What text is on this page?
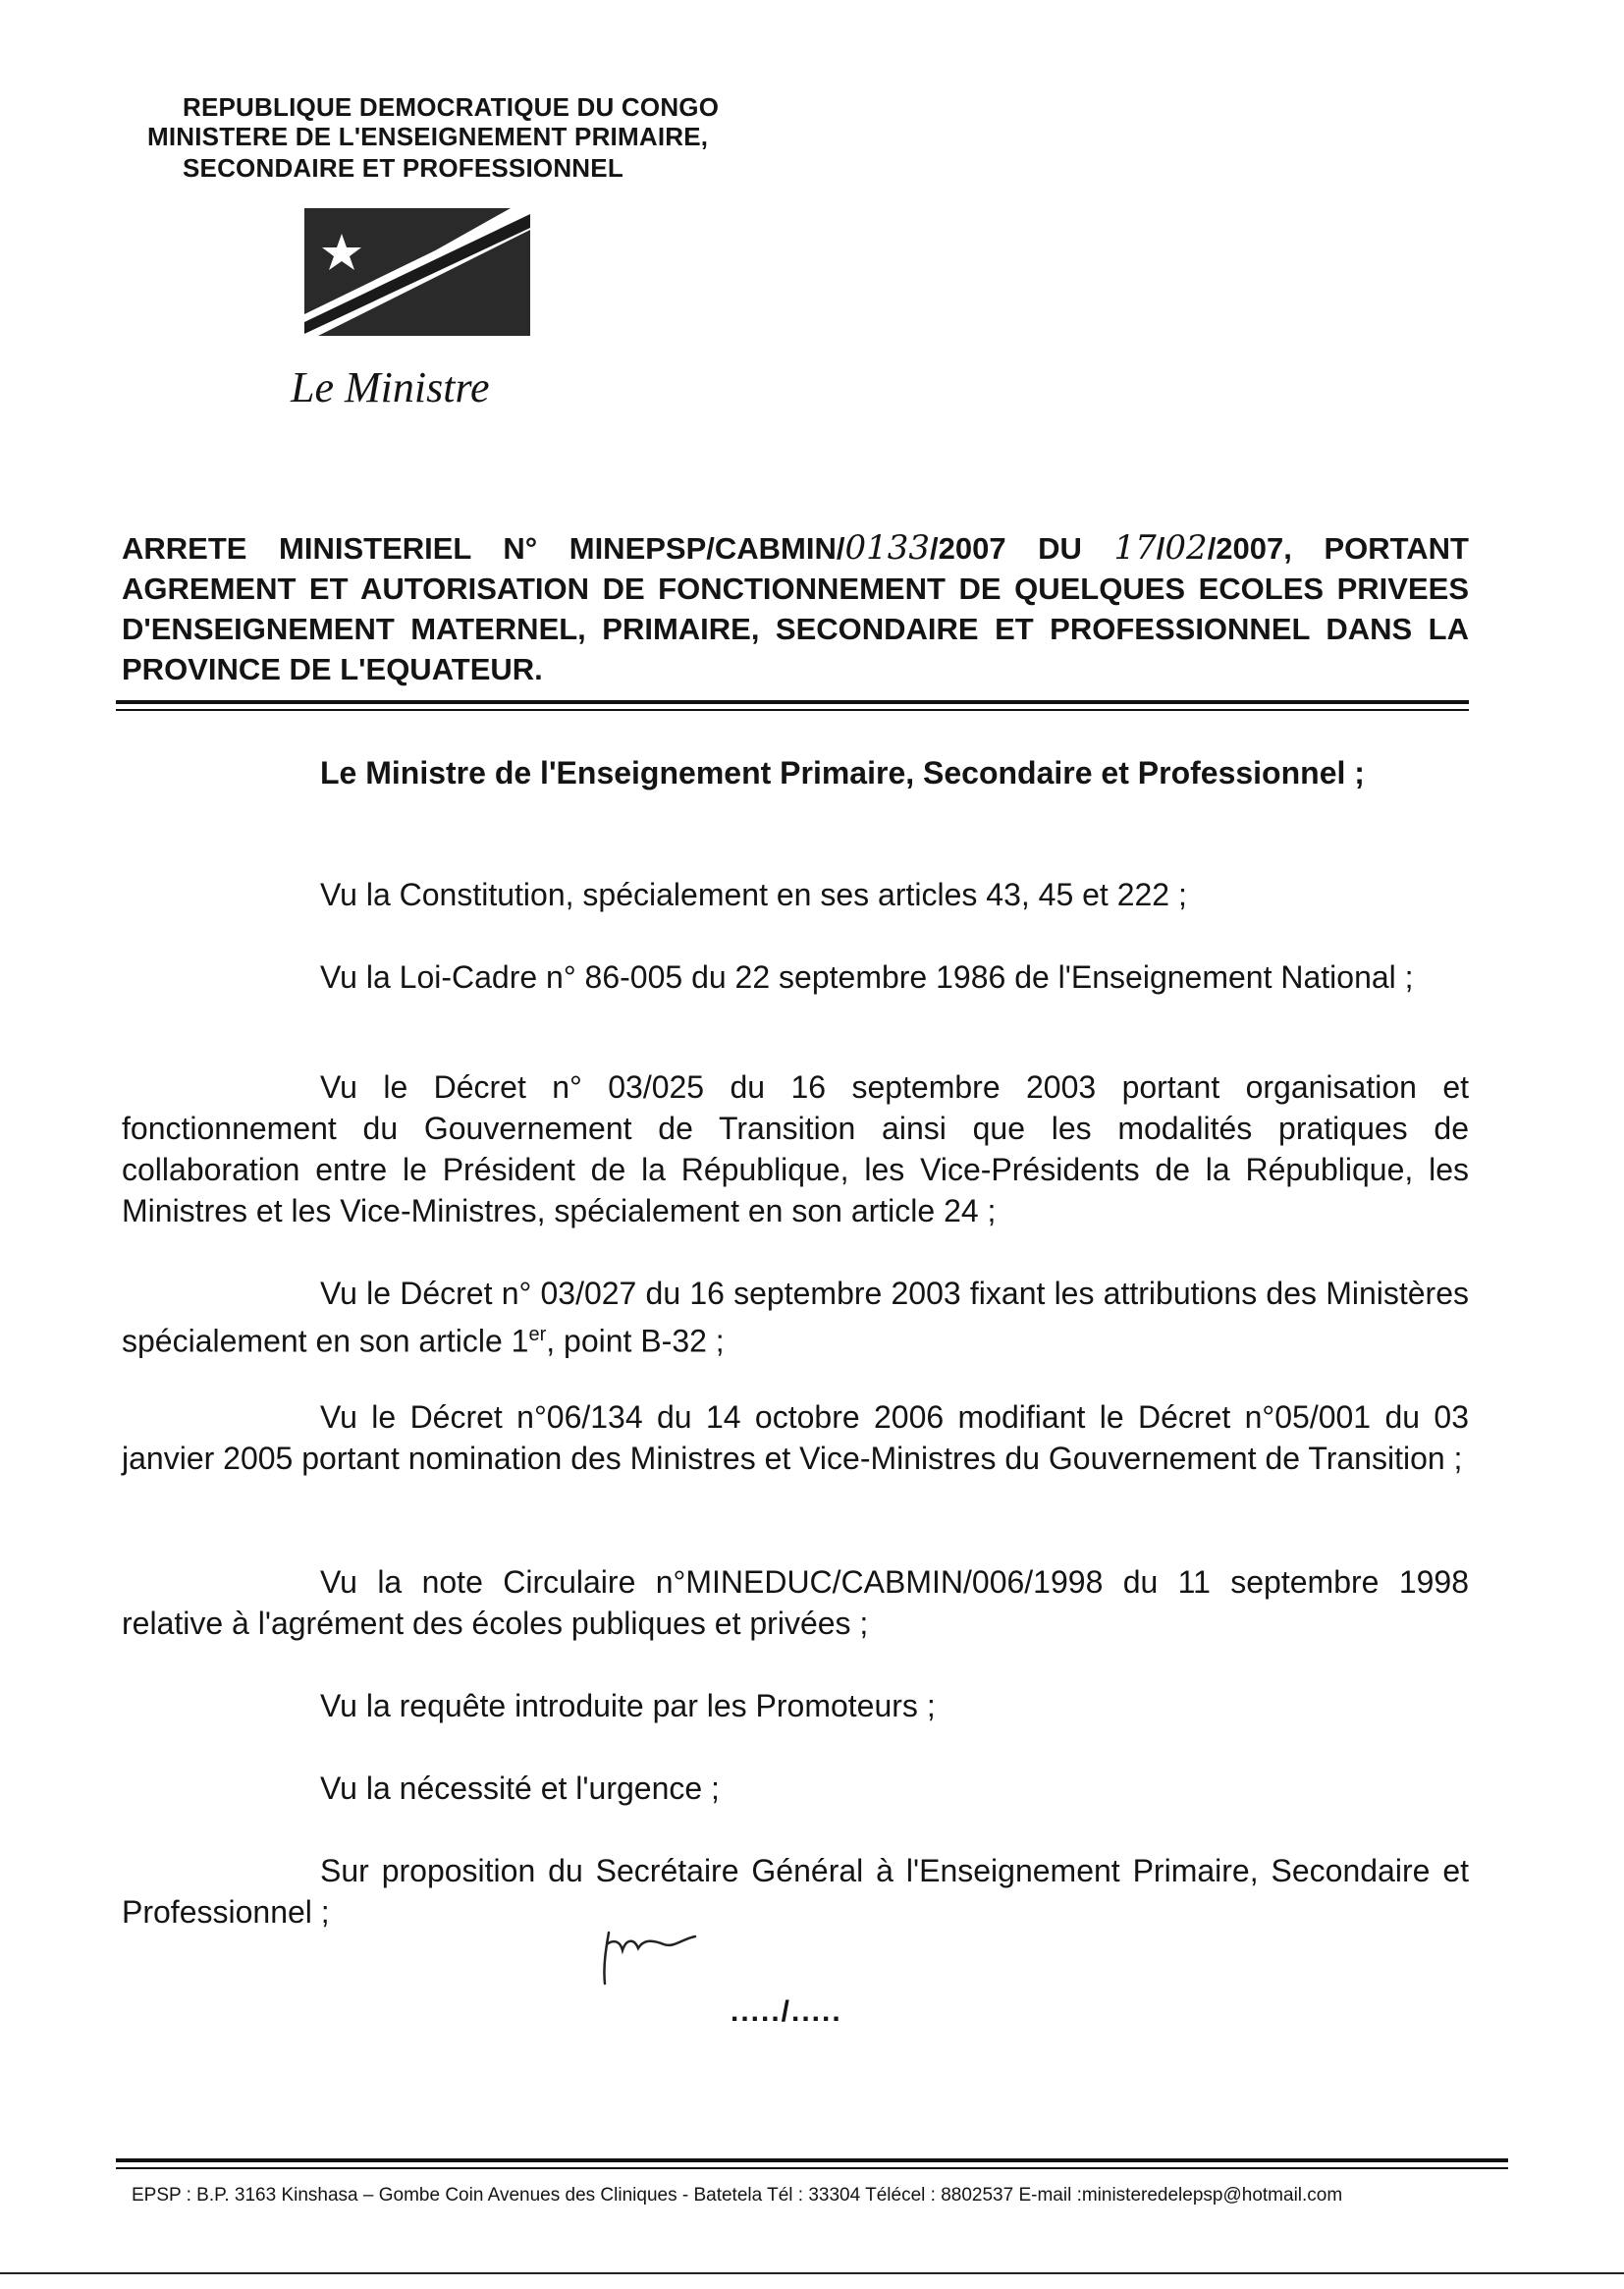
REPUBLIQUE DEMOCRATIQUE DU CONGO
MINISTERE DE L'ENSEIGNEMENT PRIMAIRE,
SECONDAIRE ET PROFESSIONNEL
Le Ministre
ARRETE MINISTERIEL N° MINEPSP/CABMIN/0133/2007 DU 17/02/2007, PORTANT AGREMENT ET AUTORISATION DE FONCTIONNEMENT DE QUELQUES ECOLES PRIVEES D'ENSEIGNEMENT MATERNEL, PRIMAIRE, SECONDAIRE ET PROFESSIONNEL DANS LA PROVINCE DE L'EQUATEUR.
Le Ministre de l'Enseignement Primaire, Secondaire et Professionnel ;
Vu la Constitution, spécialement en ses articles 43, 45 et 222 ;
Vu la Loi-Cadre n° 86-005 du 22 septembre 1986 de l'Enseignement National ;
Vu le Décret n° 03/025 du 16 septembre 2003 portant organisation et fonctionnement du Gouvernement de Transition ainsi que les modalités pratiques de collaboration entre le Président de la République, les Vice-Présidents de la République, les Ministres et les Vice-Ministres, spécialement en son article 24 ;
Vu le Décret n° 03/027 du 16 septembre 2003 fixant les attributions des Ministères spécialement en son article 1er, point B-32 ;
Vu le Décret n°06/134 du 14 octobre 2006 modifiant le Décret n°05/001 du 03 janvier 2005 portant nomination des Ministres et Vice-Ministres du Gouvernement de Transition ;
Vu la note Circulaire n°MINEDUC/CABMIN/006/1998 du 11 septembre 1998 relative à l'agrément des écoles publiques et privées ;
Vu la requête introduite par les Promoteurs ;
Vu la nécessité et l'urgence ;
Sur proposition du Secrétaire Général à l'Enseignement Primaire, Secondaire et Professionnel ;
...../.....
EPSP : B.P. 3163 Kinshasa – Gombe Coin Avenues des Cliniques - Batetela Tél : 33304 Télécel : 8802537 E-mail :ministeredelepsp@hotmail.com
